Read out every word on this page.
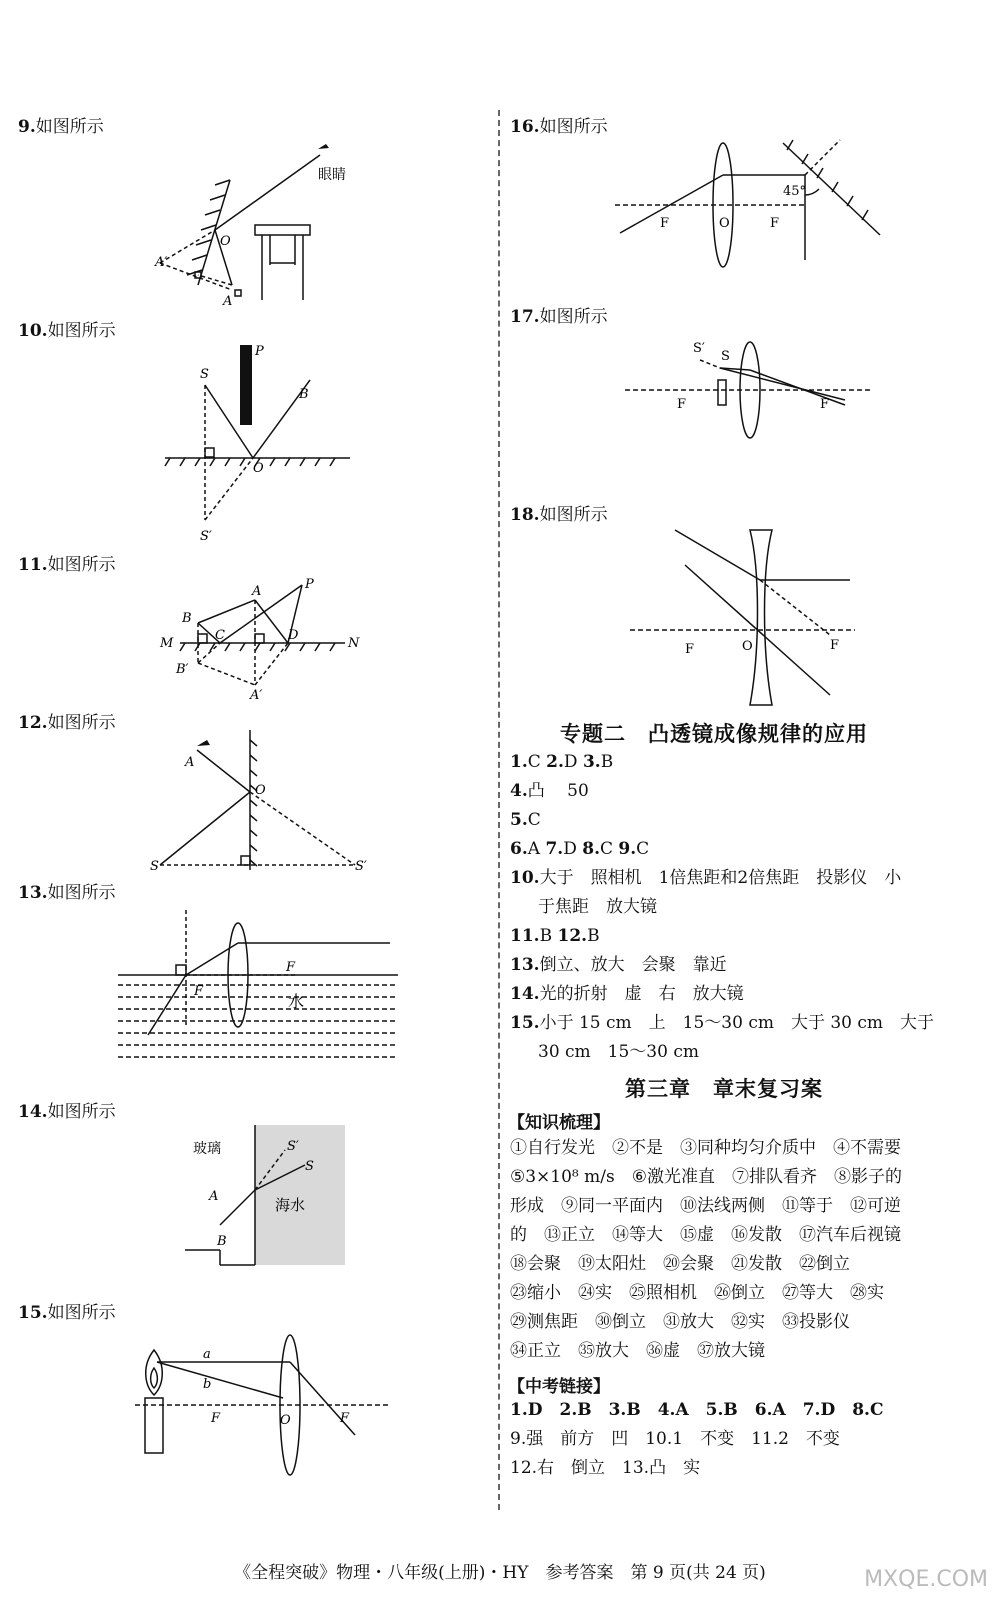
9.如图所示
10.如图所示
11.如图所示
12.如图所示
13.如图所示
14.如图所示
15.如图所示
16.如图所示
17.如图所示
18.如图所示
眼睛
A′
O
A
P
S
B
O
S′
P
A
B
M
C	D
N
B′
A′
A
O
S	S′
F
F
水
玻璃	S′
S
A	海水
B
a
b
F	O	F
F	O	F
45°
S′
S
F	F
F	O	F
专题二　凸透镜成像规律的应用
1.C 2.D 3.B
4.凸　 50
5.C
6.A 7.D 8.C 9.C
10.大于　照相机　1倍焦距和2倍焦距　投影仪　小
于焦距　放大镜
11.B 12.B
13.倒立、放大　会聚　靠近
14.光的折射　虚　右　放大镜
15.小于 15 cm　上　15～30 cm　大于 30 cm　大于
30 cm　15～30 cm
第三章　章末复习案
【知识梳理】
①自行发光　②不是　③同种均匀介质中　④不需要
⑤3×10⁸ m/s　⑥激光准直　⑦排队看齐　⑧影子的
形成　⑨同一平面内　⑩法线两侧　⑪等于　⑫可逆
的　⑬正立　⑭等大　⑮虚　⑯发散　⑰汽车后视镜
⑱会聚　⑲太阳灶　⑳会聚　㉑发散　㉒倒立
㉓缩小　㉔实　㉕照相机　㉖倒立　㉗等大　㉘实
㉙测焦距　㉚倒立　㉛放大　㉜实　㉝投影仪
㉞正立　㉟放大　㊱虚　㊲放大镜
【中考链接】
1.D　2.B　3.B　4.A　5.B　6.A　7.D　8.C
9.强　前方　凹　10.1　不变　11.2　不变
12.右　倒立　13.凸　实
《全程突破》物理・八年级(上册)・HY　参考答案　第 9 页(共 24 页)	MXQE.COM
